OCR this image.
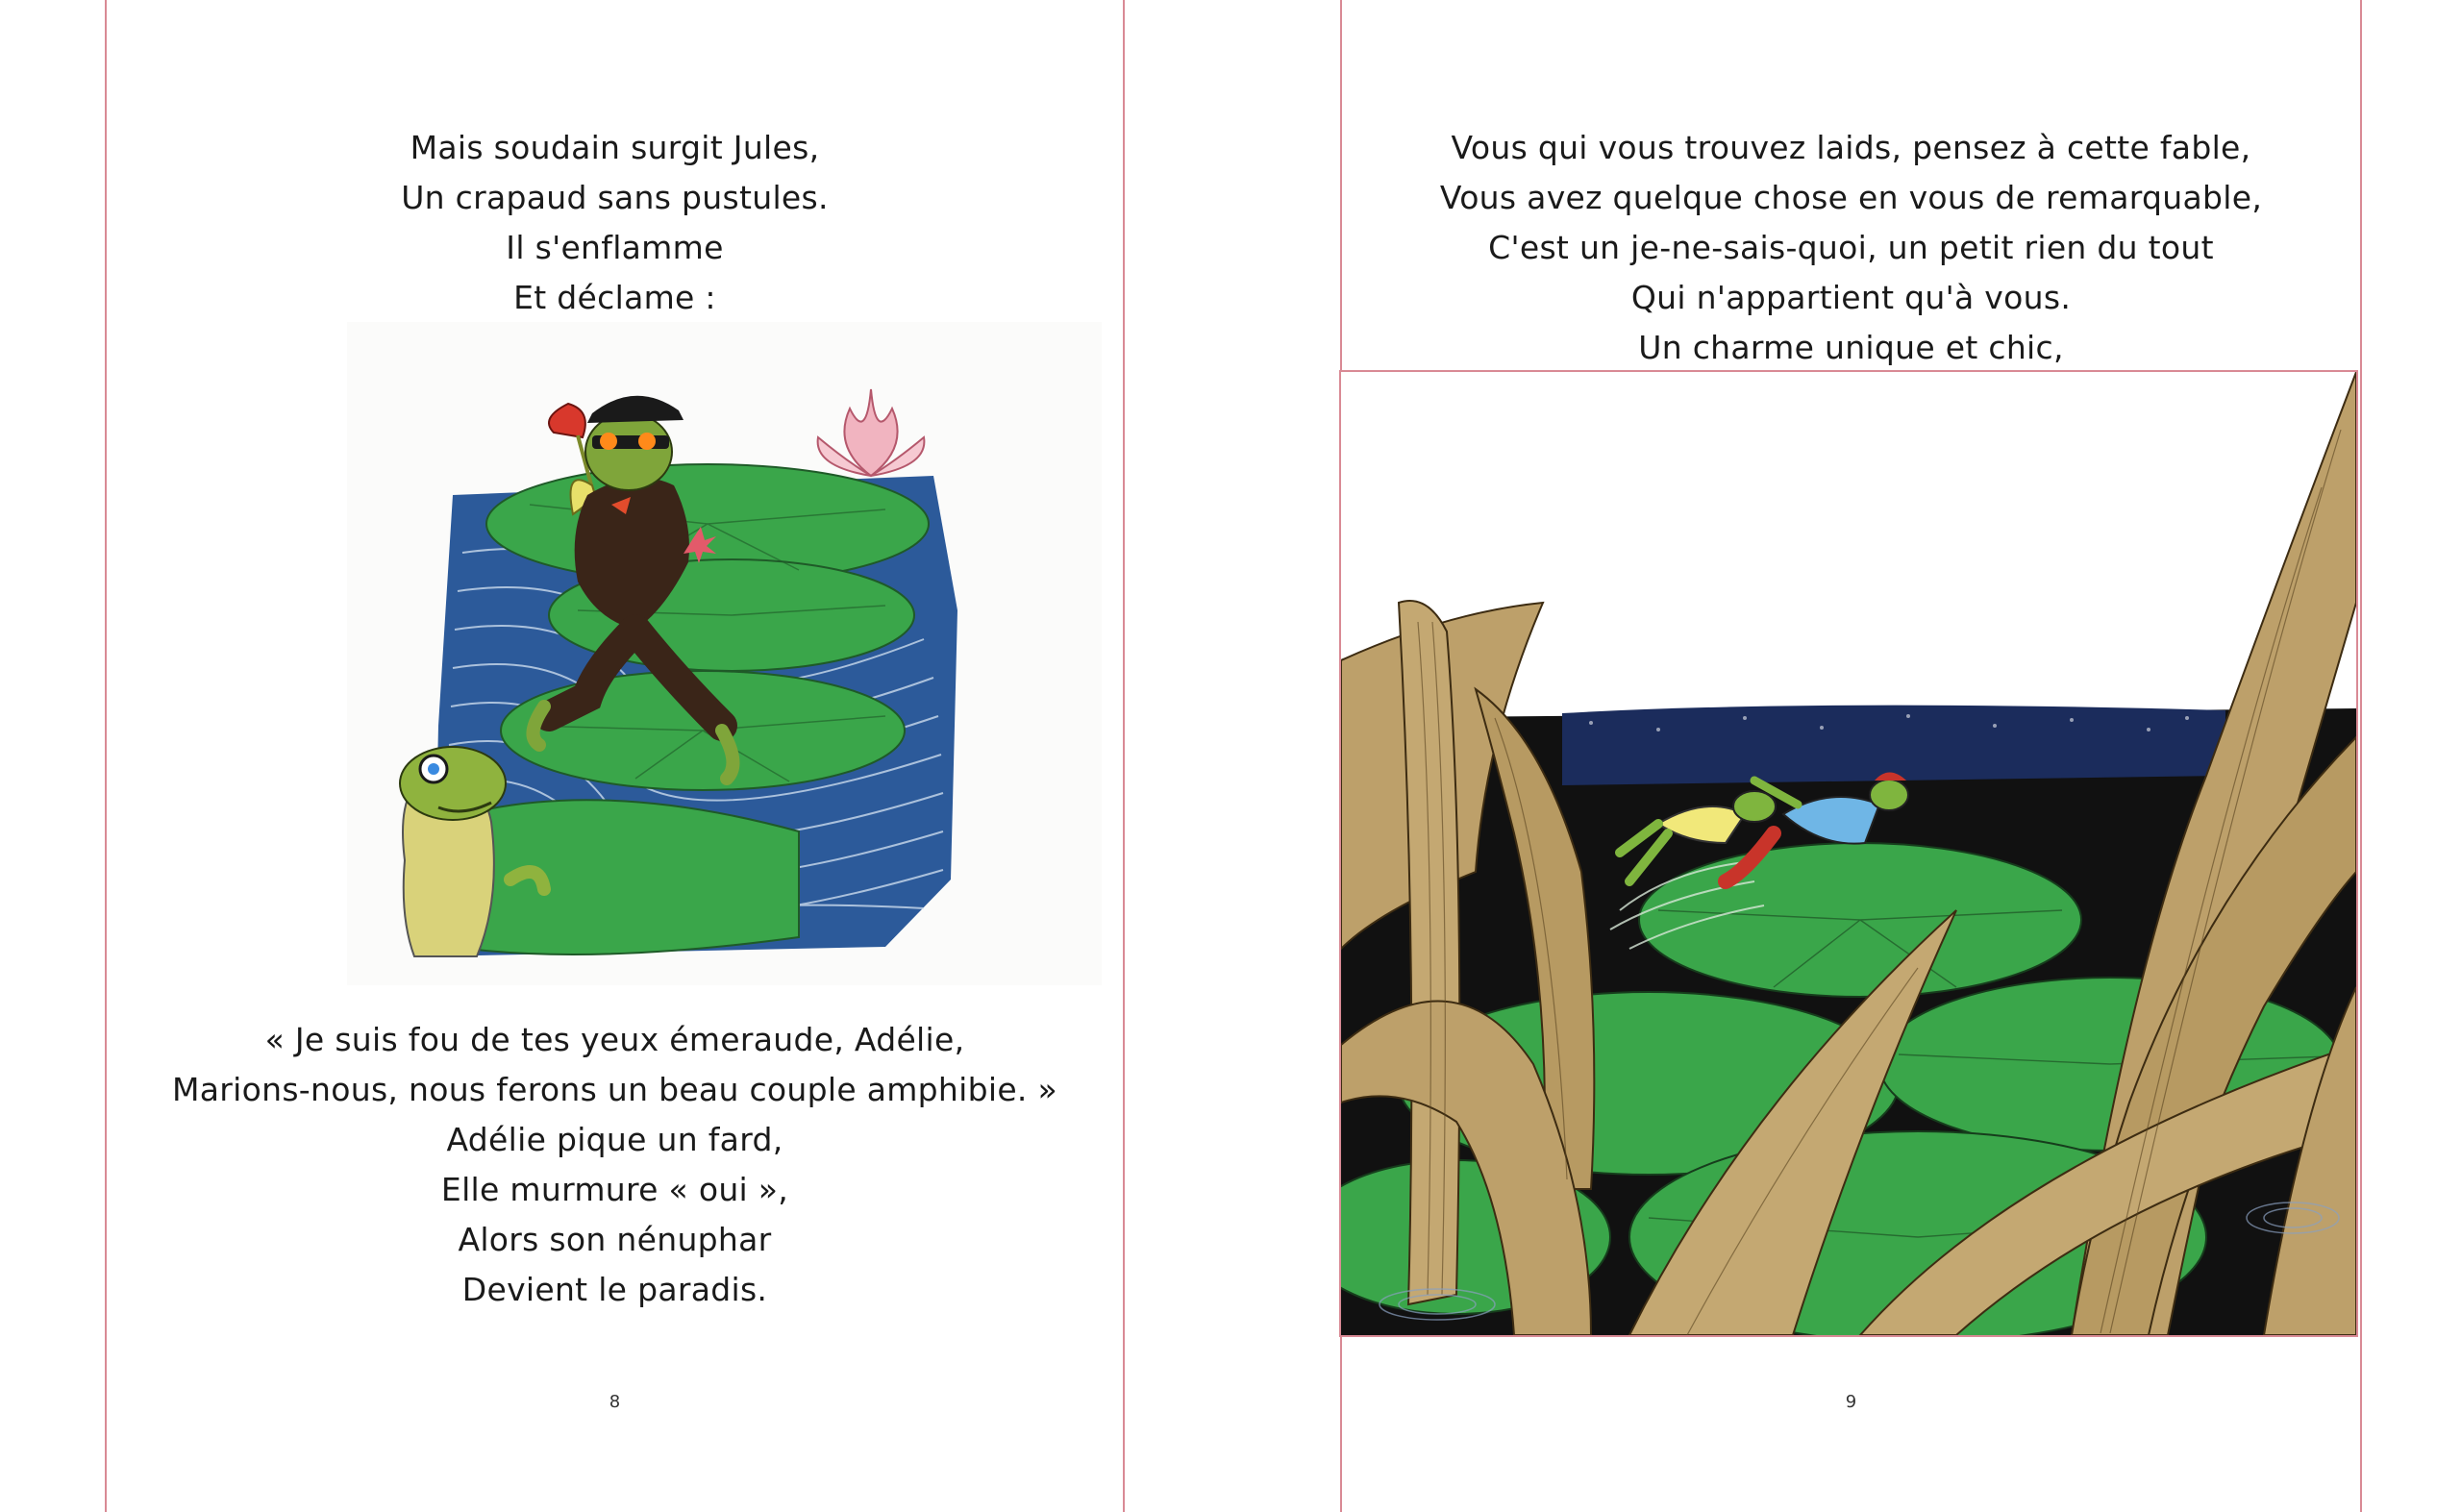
Mais soudain surgit Jules,
Un crapaud sans pustules.
Il s'enflamme
Et déclame :
« Je suis fou de tes yeux émeraude, Adélie,
Marions-nous, nous ferons un beau couple amphibie. »
Adélie pique un fard,
Elle murmure « oui »,
Alors son nénuphar
Devient le paradis.
8
Vous qui vous trouvez laids, pensez à cette fable,
Vous avez quelque chose en vous de remarquable,
C'est un je-ne-sais-quoi, un petit rien du tout
Qui n'appartient qu'à vous.
Un charme unique et chic,
9
